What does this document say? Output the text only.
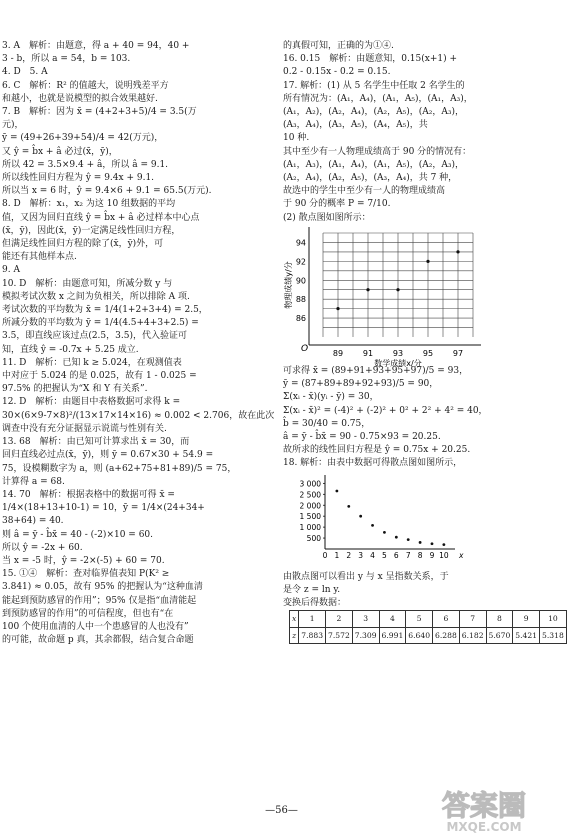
3. A　解析：由题意，得 a + 40 = 94，40 +
3 - b，所以 a = 54，b = 103.
4. D　5. A
6. C　解析：R² 的值越大，说明残差平方
和越小，也就是说模型的拟合效果越好.
7. B　解析：因为 x̄ = (4+2+3+5)/4 = 3.5(万
元)，
ȳ = (49+26+39+54)/4 = 42(万元)，
又 ŷ = b̂x + â 必过(x̄，ȳ)，
所以 42 = 3.5×9.4 + â，所以 â = 9.1.
所以线性回归方程为 ŷ = 9.4x + 9.1.
所以当 x = 6 时，ŷ = 9.4×6 + 9.1 = 65.5(万元).
8. D　解析：x₁，x₂ 为这 10 组数据的平均
值，又因为回归直线 ŷ = b̂x + â 必过样本中心点
(x̄，ȳ)，因此(x̄，ȳ)一定满足线性回归方程，
但满足线性回归方程的除了(x̄，ȳ)外，可
能还有其他样本点.
9. A
10. D　解析：由题意可知，所减分数 y 与
模拟考试次数 x 之间为负相关，所以排除 A 项.
考试次数的平均数为 x̄ = 1/4(1+2+3+4) = 2.5，
所减分数的平均数为 ȳ = 1/4(4.5+4+3+2.5) =
3.5，即直线应该过点(2.5，3.5)，代入验证可
知，直线 ŷ = -0.7x + 5.25 成立.
11. D　解析：已知 k ≥ 5.024，在观测值表
中对应于 5.024 的是 0.025，故有 1 - 0.025 =
97.5% 的把握认为“X 和 Y 有关系”.
12. D　解析：由题目中表格数据可求得 k =
30×(6×9-7×8)²/(13×17×14×16) ≈ 0.002 < 2.706，故在此次
调查中没有充分证据显示说谎与性别有关.
13. 68　解析：由已知可计算求出 x̄ = 30，而
回归直线必过点(x̄，ȳ)，则 ȳ = 0.67×30 + 54.9 =
75，设模糊数字为 a，则 (a+62+75+81+89)/5 = 75，
计算得 a = 68.
14. 70　解析：根据表格中的数据可得 x̄ =
1/4×(18+13+10-1) = 10，ȳ = 1/4×(24+34+
38+64) = 40.
则 â = ȳ - b̂x̄ = 40 - (-2)×10 = 60.
所以 ŷ = -2x + 60.
当 x = -5 时，ŷ = -2×(-5) + 60 = 70.
15. ①④　解析：查对临界值表知 P(K² ≥
3.841) ≈ 0.05，故有 95% 的把握认为“这种血清
能起到预防感冒的作用”；95% 仅是指“血清能起
到预防感冒的作用”的可信程度，但也有“在
100 个使用血清的人中一个患感冒的人也没有”
的可能，故命题 p 真，其余都假，结合复合命题
的真假可知，正确的为①④.
16. 0.15　解析：由题意知，0.15(x+1) +
0.2 - 0.15x - 0.2 = 0.15.
17. 解析：(1) 从 5 名学生中任取 2 名学生的
所有情况为：(A₁，A₄)，(A₁，A₅)，(A₁，A₃)，
(A₁，A₂)，(A₂，A₄)，(A₂，A₅)，(A₂，A₃)，
(A₃，A₄)，(A₃，A₅)，(A₄，A₅)，共
10 种.
其中至少有一人物理成绩高于 90 分的情况有：
(A₁，A₃)，(A₁，A₄)，(A₁，A₅)，(A₂，A₃)，
(A₂，A₄)，(A₂，A₅)，(A₃，A₄)，共 7 种，
故选中的学生中至少有一人的物理成绩高
于 90 分的概率 P = 7/10.
(2) 散点图如图所示：
O	89 91 93 95 97
86
88
90
92
94
数学成绩x/分
物理成绩y/分
可求得 x̄ = (89+91+93+95+97)/5 = 93，
ȳ = (87+89+89+92+93)/5 = 90，
Σ(xᵢ - x̄)(yᵢ - ȳ) = 30，
Σ(xᵢ - x̄)² = (-4)² + (-2)² + 0² + 2² + 4² = 40，
b̂ = 30/40 = 0.75，
â = ȳ - b̂x̄ = 90 - 0.75×93 = 20.25.
故所求的线性回归方程是 ŷ = 0.75x + 20.25.
18. 解析：由表中数据可得散点图如图所示，
0 1 2 3 4 5 6 7 8 9 10 x
500
1 000
1 500
2 000
2 500
3 000
由散点图可以看出 y 与 x 呈指数关系，于
是令 z = ln y.
变换后得数据：
x	1	2	3	4	5	6	7	8	9	10
z	7.883	7.572	7.309	6.991	6.640	6.288	6.182	5.670	5.421	5.318
—56—	答案圈
MXQE.COM
